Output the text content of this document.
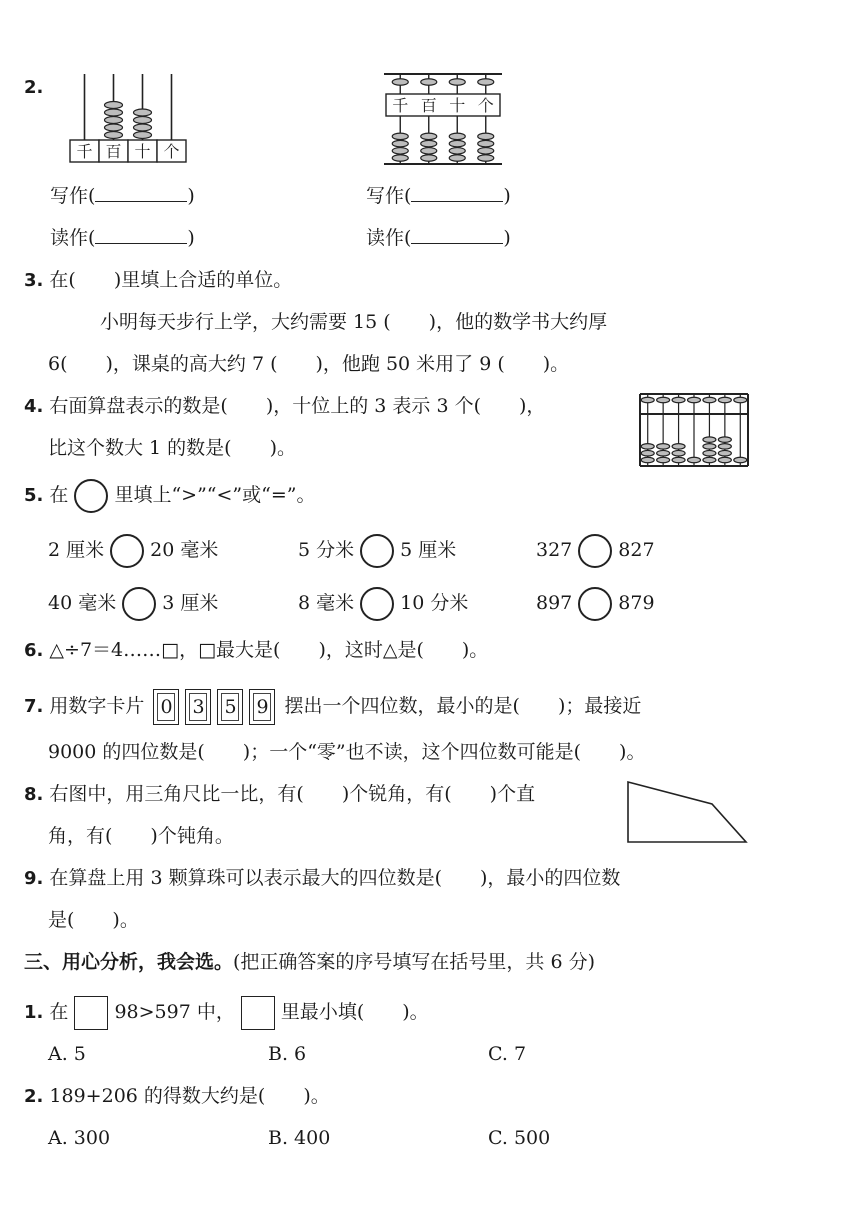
2.
千 百 十 个
千 百 十 个
写作(	)	写作(	)
读作(	)	读作(	)
3. 在(　　)里填上合适的单位。
小明每天步行上学，大约需要 15 (　　)，他的数学书大约厚
6(　　)，课桌的高大约 7 (　　)，他跑 50 米用了 9 (　　)。
4. 右面算盘表示的数是(　　)，十位上的 3 表示 3 个(　　)，
比这个数大 1 的数是(　　)。
5. 在 里填上“>”“<”或“=”。
2 厘米 20 毫米	5 分米 5 厘米	327 827
40 毫米 3 厘米	8 毫米 10 分米	897 879
6. △÷7＝4……□，□最大是(　　)，这时△是(　　)。
7. 用数字卡片 0 3 5 9 摆出一个四位数，最小的是(　　)；最接近
9000 的四位数是(　　)；一个“零”也不读，这个四位数可能是(　　)。
8. 右图中，用三角尺比一比，有(　　)个锐角，有(　　)个直
角，有(　　)个钝角。
9. 在算盘上用 3 颗算珠可以表示最大的四位数是(　　)，最小的四位数
是(　　)。
三、用心分析，我会选。(把正确答案的序号填写在括号里，共 6 分)
1. 在 98>597 中， 里最小填(　　)。
A. 5	B. 6	C. 7
2. 189+206 的得数大约是(　　)。
A. 300	B. 400	C. 500
